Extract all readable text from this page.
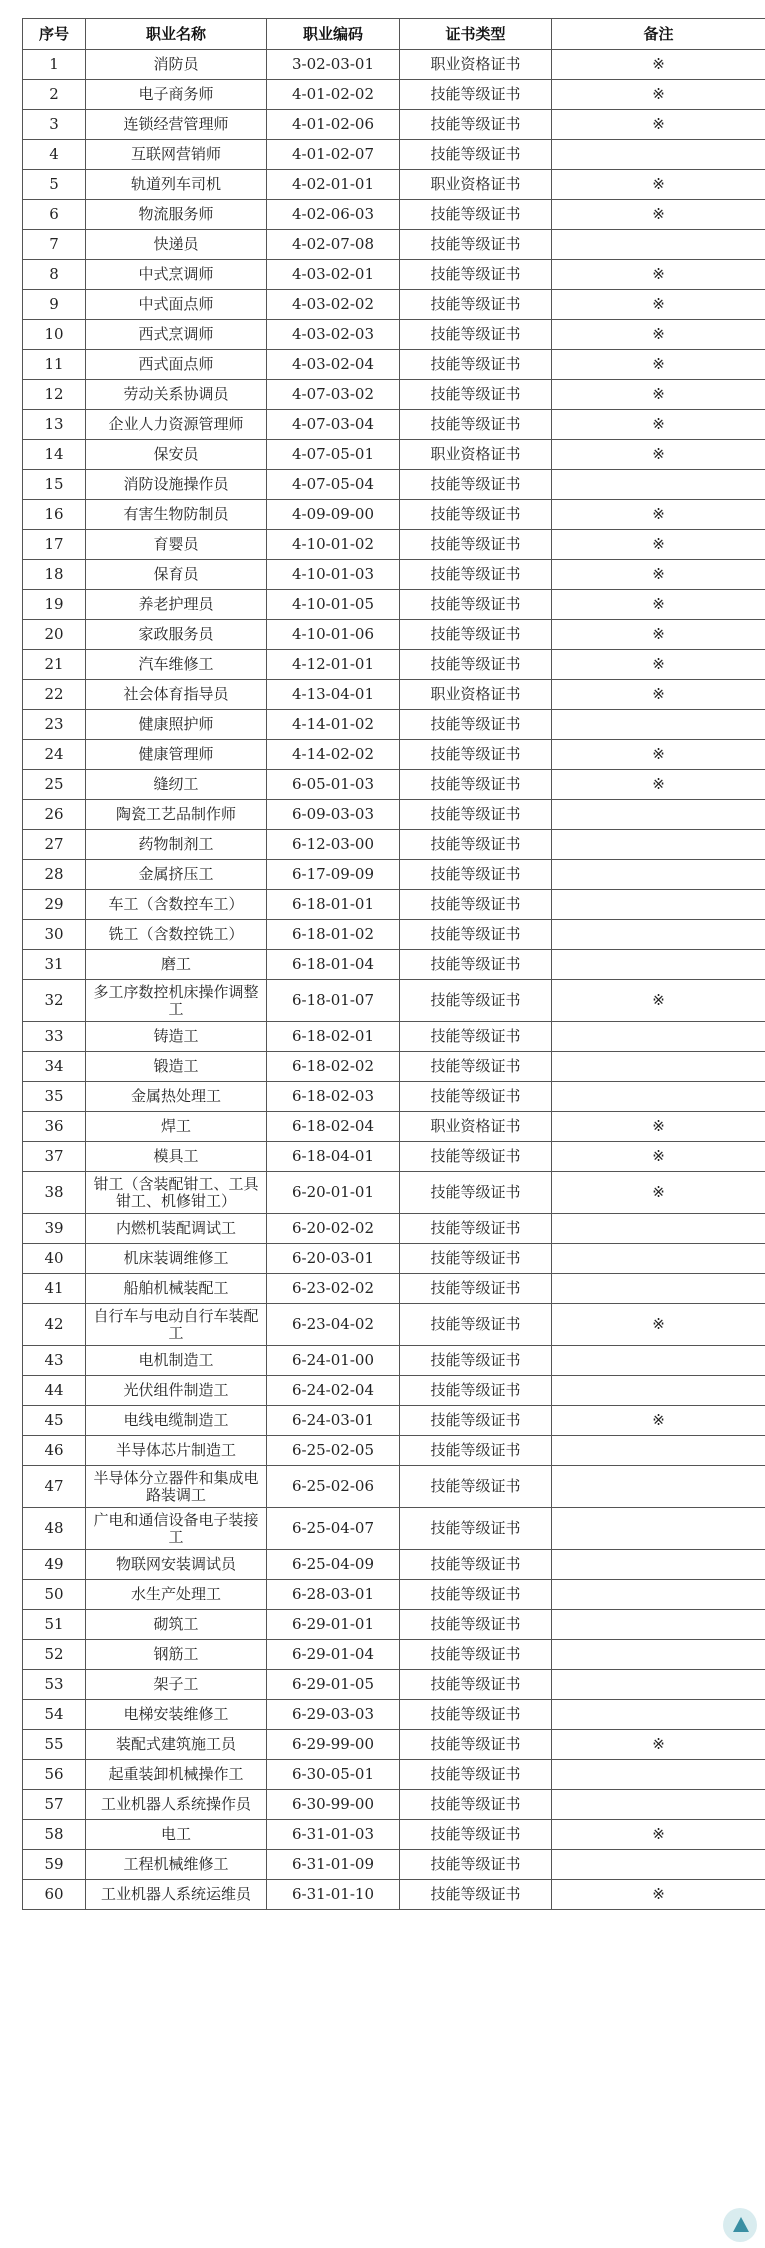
序号	职业名称	职业编码	证书类型	备注
1	消防员	3-02-03-01	职业资格证书	※
2	电子商务师	4-01-02-02	技能等级证书	※
3	连锁经营管理师	4-01-02-06	技能等级证书	※
4	互联网营销师	4-01-02-07	技能等级证书	
5	轨道列车司机	4-02-01-01	职业资格证书	※
6	物流服务师	4-02-06-03	技能等级证书	※
7	快递员	4-02-07-08	技能等级证书	
8	中式烹调师	4-03-02-01	技能等级证书	※
9	中式面点师	4-03-02-02	技能等级证书	※
10	西式烹调师	4-03-02-03	技能等级证书	※
11	西式面点师	4-03-02-04	技能等级证书	※
12	劳动关系协调员	4-07-03-02	技能等级证书	※
13	企业人力资源管理师	4-07-03-04	技能等级证书	※
14	保安员	4-07-05-01	职业资格证书	※
15	消防设施操作员	4-07-05-04	技能等级证书	
16	有害生物防制员	4-09-09-00	技能等级证书	※
17	育婴员	4-10-01-02	技能等级证书	※
18	保育员	4-10-01-03	技能等级证书	※
19	养老护理员	4-10-01-05	技能等级证书	※
20	家政服务员	4-10-01-06	技能等级证书	※
21	汽车维修工	4-12-01-01	技能等级证书	※
22	社会体育指导员	4-13-04-01	职业资格证书	※
23	健康照护师	4-14-01-02	技能等级证书	
24	健康管理师	4-14-02-02	技能等级证书	※
25	缝纫工	6-05-01-03	技能等级证书	※
26	陶瓷工艺品制作师	6-09-03-03	技能等级证书	
27	药物制剂工	6-12-03-00	技能等级证书	
28	金属挤压工	6-17-09-09	技能等级证书	
29	车工（含数控车工）	6-18-01-01	技能等级证书	
30	铣工（含数控铣工）	6-18-01-02	技能等级证书	
31	磨工	6-18-01-04	技能等级证书	
32	多工序数控机床操作调整工	6-18-01-07	技能等级证书	※
33	铸造工	6-18-02-01	技能等级证书	
34	锻造工	6-18-02-02	技能等级证书	
35	金属热处理工	6-18-02-03	技能等级证书	
36	焊工	6-18-02-04	职业资格证书	※
37	模具工	6-18-04-01	技能等级证书	※
38	钳工（含装配钳工、工具钳工、机修钳工）	6-20-01-01	技能等级证书	※
39	内燃机装配调试工	6-20-02-02	技能等级证书	
40	机床装调维修工	6-20-03-01	技能等级证书	
41	船舶机械装配工	6-23-02-02	技能等级证书	
42	自行车与电动自行车装配工	6-23-04-02	技能等级证书	※
43	电机制造工	6-24-01-00	技能等级证书	
44	光伏组件制造工	6-24-02-04	技能等级证书	
45	电线电缆制造工	6-24-03-01	技能等级证书	※
46	半导体芯片制造工	6-25-02-05	技能等级证书	
47	半导体分立器件和集成电路装调工	6-25-02-06	技能等级证书	
48	广电和通信设备电子装接工	6-25-04-07	技能等级证书	
49	物联网安装调试员	6-25-04-09	技能等级证书	
50	水生产处理工	6-28-03-01	技能等级证书	
51	砌筑工	6-29-01-01	技能等级证书	
52	钢筋工	6-29-01-04	技能等级证书	
53	架子工	6-29-01-05	技能等级证书	
54	电梯安装维修工	6-29-03-03	技能等级证书	
55	装配式建筑施工员	6-29-99-00	技能等级证书	※
56	起重装卸机械操作工	6-30-05-01	技能等级证书	
57	工业机器人系统操作员	6-30-99-00	技能等级证书	
58	电工	6-31-01-03	技能等级证书	※
59	工程机械维修工	6-31-01-09	技能等级证书	
60	工业机器人系统运维员	6-31-01-10	技能等级证书	※
